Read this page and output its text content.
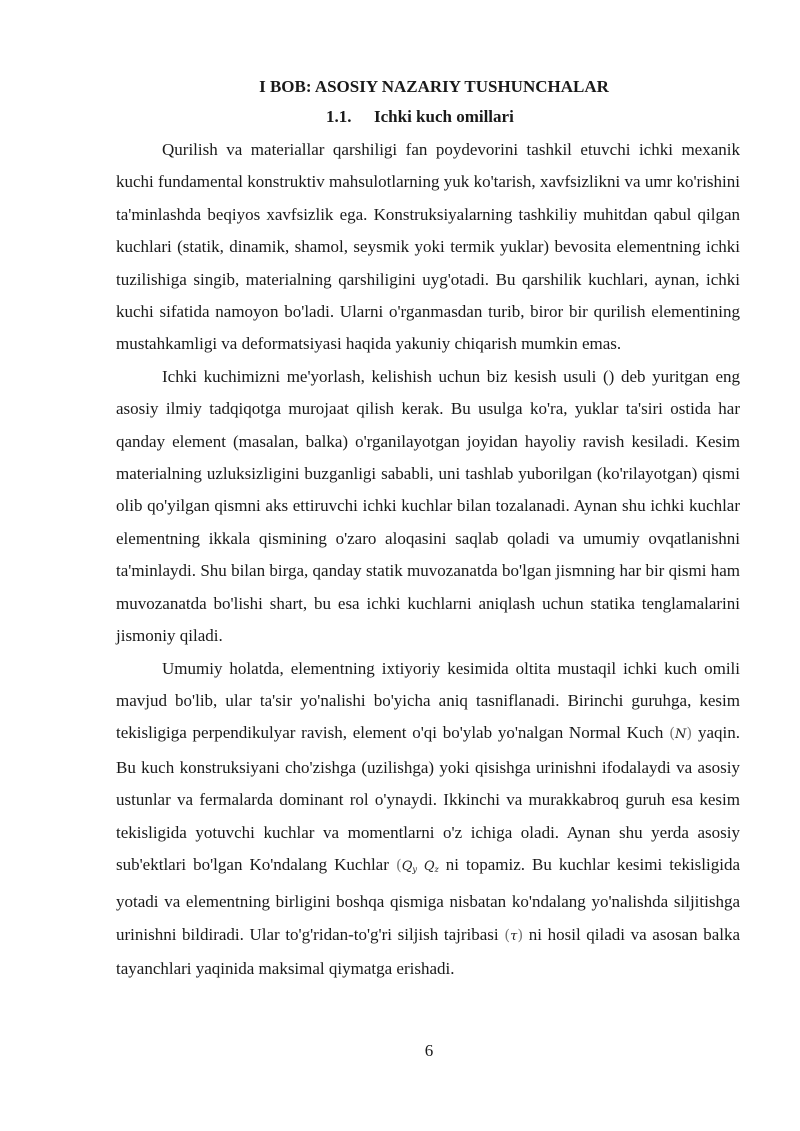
I BOB: ASOSIY NAZARIY TUSHUNCHALAR
1.1. Ichki kuch omillari

Qurilish va materiallar qarshiligi fan poydevorini tashkil etuvchi ichki mexanik kuchi fundamental konstruktiv mahsulotlarning yuk ko'tarish, xavfsizlikni va umr ko'rishini ta'minlashda beqiyos xavfsizlik ega. Konstruksiyalarning tashkiliy muhitdan qabul qilgan kuchlari (statik, dinamik, shamol, seysmik yoki termik yuklar) bevosita elementning ichki tuzilishiga singib, materialning qarshiligini uyg'otadi. Bu qarshilik kuchlari, aynan, ichki kuchi sifatida namoyon bo'ladi. Ularni o'rganmasdan turib, biror bir qurilish elementining mustahkamligi va deformatsiyasi haqida yakuniy chiqarish mumkin emas.

Ichki kuchimizni me'yorlash, kelishish uchun biz kesish usuli () deb yuritgan eng asosiy ilmiy tadqiqotga murojaat qilish kerak. Bu usulga ko'ra, yuklar ta'siri ostida har qanday element (masalan, balka) o'rganilayotgan joyidan hayoliy ravish kesiladi. Kesim materialning uzluksizligini buzganligi sababli, uni tashlab yuborilgan (ko'rilayotgan) qismi olib qo'yilgan qismni aks ettiruvchi ichki kuchlar bilan tozalanadi. Aynan shu ichki kuchlar elementning ikkala qismining o'zaro aloqasini saqlab qoladi va umumiy ovqatlanishni ta'minlaydi. Shu bilan birga, qanday statik muvozanatda bo'lgan jismning har bir qismi ham muvozanatda bo'lishi shart, bu esa ichki kuchlarni aniqlash uchun statika tenglamalarini jismoniy qiladi.

Umumiy holatda, elementning ixtiyoriy kesimida oltita mustaqil ichki kuch omili mavjud bo'lib, ular ta'sir yo'nalishi bo'yicha aniq tasniflanadi. Birinchi guruhga, kesim tekisligiga perpendikulyar ravish, element o'qi bo'ylab yo'nalgan Normal Kuch (N) yaqin. Bu kuch konstruksiyani cho'zishga (uzilishga) yoki qisishga urinishni ifodalaydi va asosiy ustunlar va fermalarda dominant rol o'ynaydi. Ikkinchi va murakkabroq guruh esa kesim tekisligida yotuvchi kuchlar va momentlarni o'z ichiga oladi. Aynan shu yerda asosiy sub'ektlari bo'lgan Ko'ndalang Kuchlar ($Q_y$ $Q_z$ ni topamiz. Bu kuchlar kesimi tekisligida yotadi va elementning birligini boshqa qismiga nisbatan ko'ndalang yo'nalishda siljitishga urinishni bildiradi. Ular to'g'ridan-to'g'ri siljish tajribasi (τ) ni hosil qiladi va asosan balka tayanchlari yaqinida maksimal qiymatga erishadi.

6
